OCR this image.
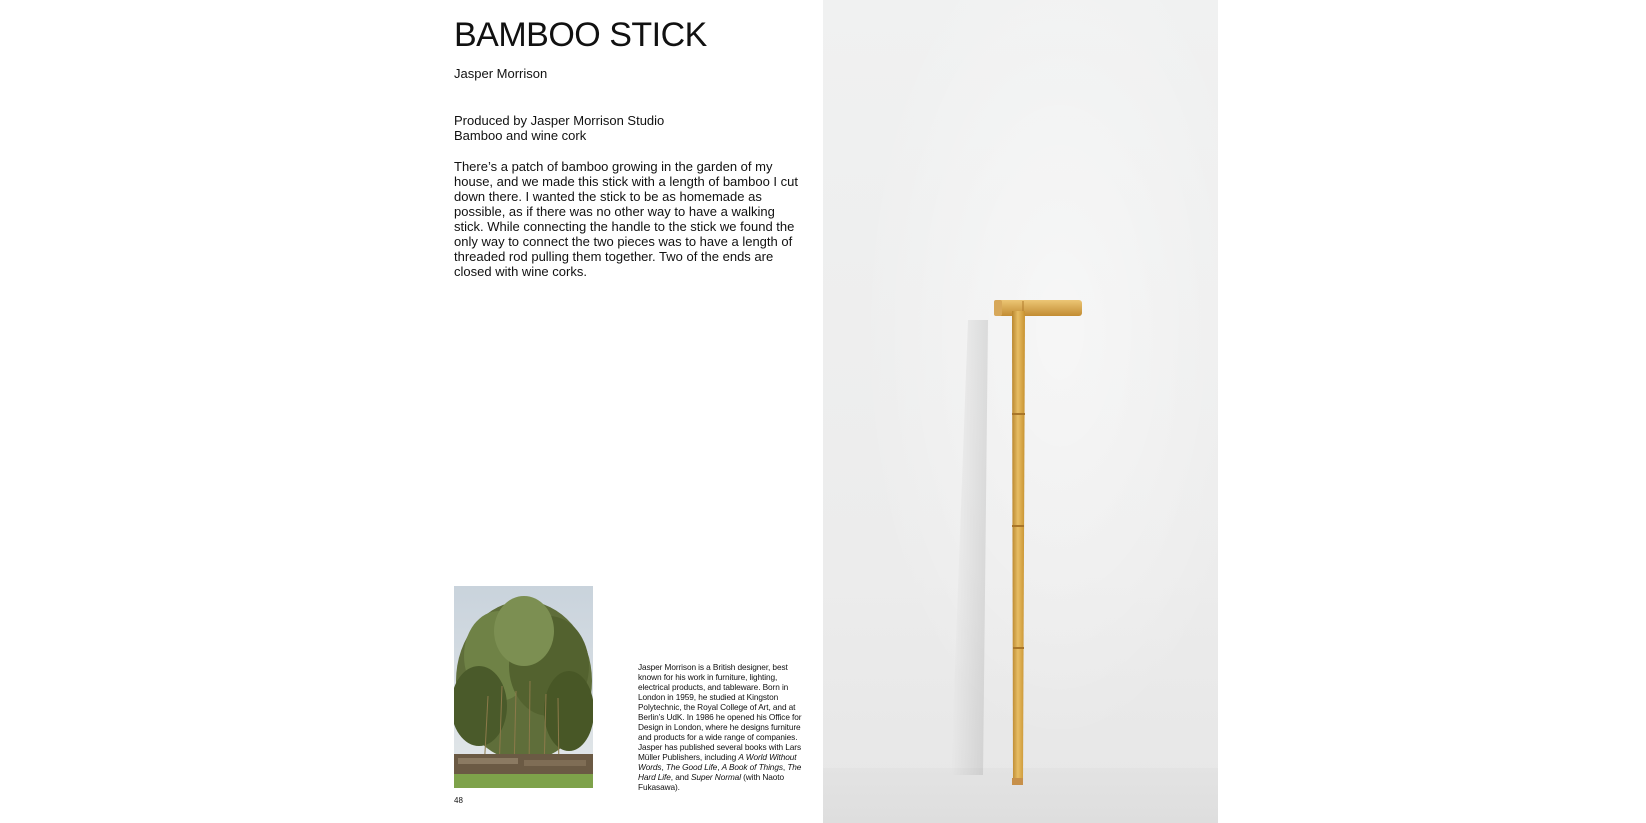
BAMBOO STICK
Jasper Morrison
Produced by Jasper Morrison Studio
Bamboo and wine cork

There’s a patch of bamboo growing in the garden of my house, and we made this stick with a length of bamboo I cut down there. I wanted the stick to be as homemade as possible, as if there was no other way to have a walking stick. While connecting the handle to the stick we found the only way to connect the two pieces was to have a length of threaded rod pulling them together. Two of the ends are closed with wine corks.

Jasper Morrison is a British designer, best known for his work in furniture, lighting, electrical products, and tableware. Born in London in 1959, he studied at Kingston Polytechnic, the Royal College of Art, and at Berlin’s UdK. In 1986 he opened his Office for Design in London, where he designs furniture and products for a wide range of companies. Jasper has published several books with Lars Müller Publishers, including A World Without Words, The Good Life, A Book of Things, The Hard Life, and Super Normal (with Naoto Fukasawa).

48
